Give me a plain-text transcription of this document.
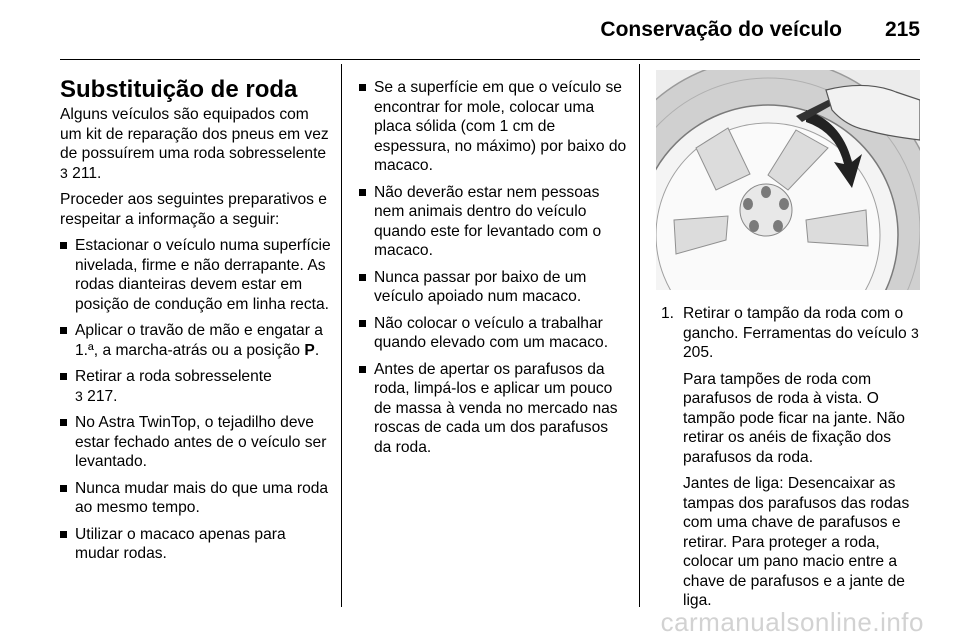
Conservação do veículo 215
Substituição de roda

Alguns veículos são equipados com um kit de reparação dos pneus em vez de possuírem uma roda sobresselente 3 211.

Proceder aos seguintes preparativos e respeitar a informação a seguir:

Estacionar o veículo numa superfície nivelada, firme e não derrapante. As rodas dianteiras devem estar em posição de condução em linha recta.
Aplicar o travão de mão e engatar a 1.ª, a marcha-atrás ou a posição P.
Retirar a roda sobresselente
3 217.
No Astra TwinTop, o tejadilho deve estar fechado antes de o veículo ser levantado.
Nunca mudar mais do que uma roda ao mesmo tempo.
Utilizar o macaco apenas para mudar rodas.
Se a superfície em que o veículo se encontrar for mole, colocar uma placa sólida (com 1 cm de espessura, no máximo) por baixo do macaco.
Não deverão estar nem pessoas nem animais dentro do veículo quando este for levantado com o macaco.
Nunca passar por baixo de um veículo apoiado num macaco.
Não colocar o veículo a trabalhar quando elevado com um macaco.
Antes de apertar os parafusos da roda, limpá-los e aplicar um pouco de massa à venda no mercado nas roscas de cada um dos parafusos da roda.
1. Retirar o tampão da roda com o gancho. Ferramentas do veículo 3 205.

Para tampões de roda com parafusos de roda à vista. O tampão pode ficar na jante. Não retirar os anéis de fixação dos parafusos da roda.

Jantes de liga: Desencaixar as tampas dos parafusos das rodas com uma chave de parafusos e retirar. Para proteger a roda, colocar um pano macio entre a chave de parafusos e a jante de liga.

carmanualsonline.info
